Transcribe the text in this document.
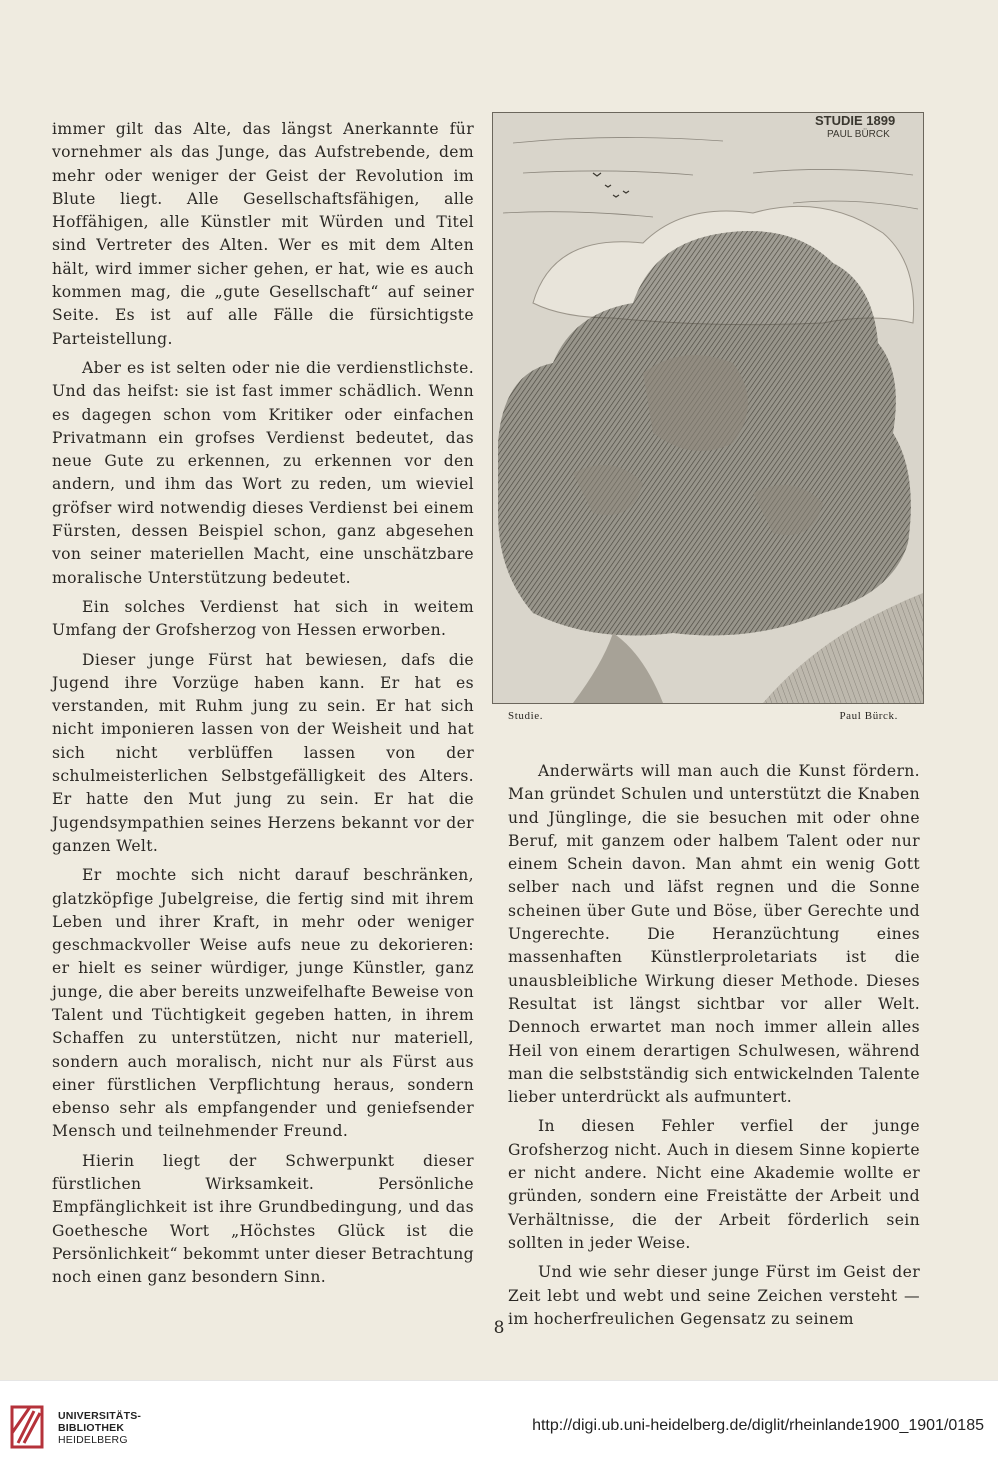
immer gilt das Alte, das längst Anerkannte für vornehmer als das Junge, das Aufstrebende, dem mehr oder weniger der Geist der Revolution im Blute liegt. Alle Gesellschaftsfähigen, alle Hoffähigen, alle Künstler mit Würden und Titel sind Vertreter des Alten. Wer es mit dem Alten hält, wird immer sicher gehen, er hat, wie es auch kommen mag, die „gute Gesellschaft“ auf seiner Seite. Es ist auf alle Fälle die fürsichtigste Parteistellung.

Aber es ist selten oder nie die verdienstlichste. Und das heifst: sie ist fast immer schädlich. Wenn es dagegen schon vom Kritiker oder einfachen Privatmann ein grofses Verdienst bedeutet, das neue Gute zu erkennen, zu erkennen vor den andern, und ihm das Wort zu reden, um wieviel gröfser wird notwendig dieses Verdienst bei einem Fürsten, dessen Beispiel schon, ganz abgesehen von seiner materiellen Macht, eine unschätzbare moralische Unterstützung bedeutet.

Ein solches Verdienst hat sich in weitem Umfang der Grofsherzog von Hessen erworben.

Dieser junge Fürst hat bewiesen, dafs die Jugend ihre Vorzüge haben kann. Er hat es verstanden, mit Ruhm jung zu sein. Er hat sich nicht imponieren lassen von der Weisheit und hat sich nicht verblüffen lassen von der schulmeisterlichen Selbstgefälligkeit des Alters. Er hatte den Mut jung zu sein. Er hat die Jugendsympathien seines Herzens bekannt vor der ganzen Welt.

Er mochte sich nicht darauf beschränken, glatzköpfige Jubelgreise, die fertig sind mit ihrem Leben und ihrer Kraft, in mehr oder weniger geschmackvoller Weise aufs neue zu dekorieren: er hielt es seiner würdiger, junge Künstler, ganz junge, die aber bereits unzweifelhafte Beweise von Talent und Tüchtigkeit gegeben hatten, in ihrem Schaffen zu unterstützen, nicht nur materiell, sondern auch moralisch, nicht nur als Fürst aus einer fürstlichen Verpflichtung heraus, sondern ebenso sehr als empfangender und geniefsender Mensch und teilnehmender Freund.

Hierin liegt der Schwerpunkt dieser fürstlichen Wirksamkeit. Persönliche Empfänglichkeit ist ihre Grundbedingung, und das Goethesche Wort „Höchstes Glück ist die Persönlichkeit“ bekommt unter dieser Betrachtung noch einen ganz besondern Sinn.

STUDIE 1899
PAUL BÜRCK
Studie.	Paul Bürck.

Anderwärts will man auch die Kunst fördern. Man gründet Schulen und unterstützt die Knaben und Jünglinge, die sie besuchen mit oder ohne Beruf, mit ganzem oder halbem Talent oder nur einem Schein davon. Man ahmt ein wenig Gott selber nach und läfst regnen und die Sonne scheinen über Gute und Böse, über Gerechte und Ungerechte. Die Heranzüchtung eines massenhaften Künstlerproletariats ist die unausbleibliche Wirkung dieser Methode. Dieses Resultat ist längst sichtbar vor aller Welt. Dennoch erwartet man noch immer allein alles Heil von einem derartigen Schulwesen, während man die selbstständig sich entwickelnden Talente lieber unterdrückt als aufmuntert.

In diesen Fehler verfiel der junge Grofsherzog nicht. Auch in diesem Sinne kopierte er nicht andere. Nicht eine Akademie wollte er gründen, sondern eine Freistätte der Arbeit und Verhältnisse, die der Arbeit förderlich sein sollten in jeder Weise.

Und wie sehr dieser junge Fürst im Geist der Zeit lebt und webt und seine Zeichen versteht — im hocherfreulichen Gegensatz zu seinem

8
UNIVERSITÄTS-
BIBLIOTHEK
HEIDELBERG
http://digi.ub.uni-heidelberg.de/diglit/rheinlande1900_1901/0185
